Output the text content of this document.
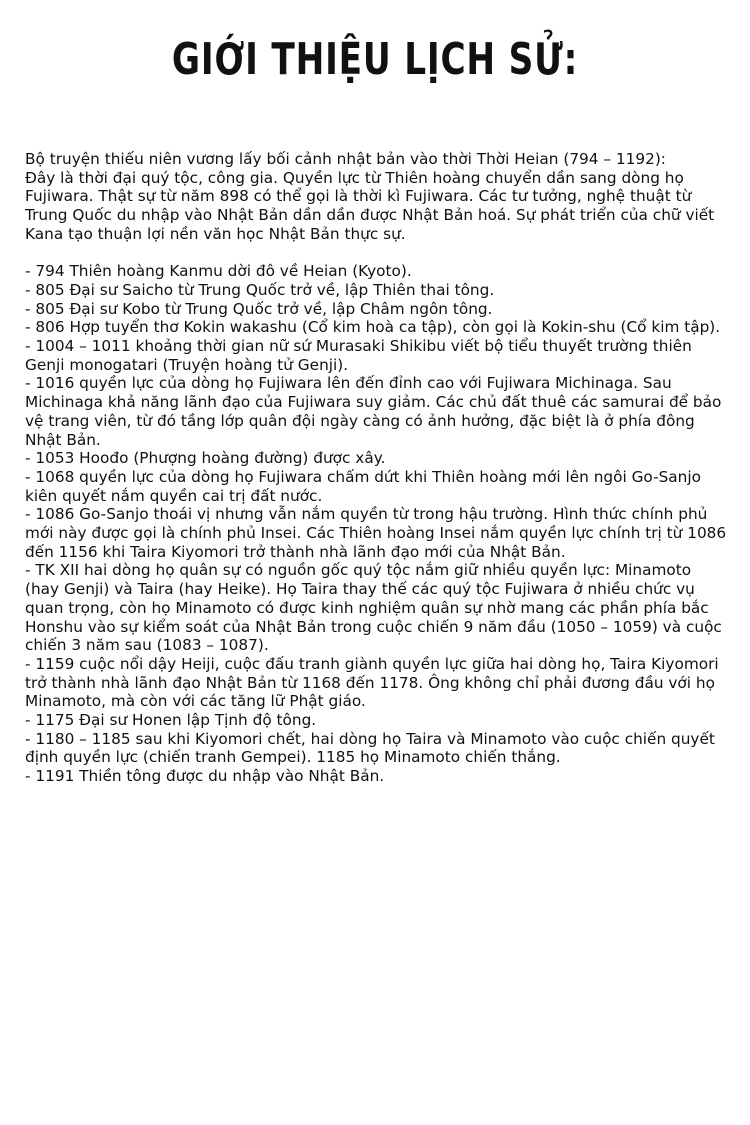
GIỚI THIỆU LỊCH SỬ:

Bộ truyện thiếu niên vương lấy bối cảnh nhật bản vào thời Thời Heian (794 – 1192):

Đây là thời đại quý tộc, công gia. Quyền lực từ Thiên hoàng chuyển dần sang dòng họ Fujiwara. Thật sự từ năm 898 có thể gọi là thời kì Fujiwara. Các tư tưởng, nghệ thuật từ Trung Quốc du nhập vào Nhật Bản dần dần được Nhật Bản hoá. Sự phát triển của chữ viết Kana tạo thuận lợi nền văn học Nhật Bản thực sự.

- 794 Thiên hoàng Kanmu dời đô về Heian (Kyoto).
- 805 Đại sư Saicho từ Trung Quốc trở về, lập Thiên thai tông.
- 805 Đại sư Kobo từ Trung Quốc trở về, lập Châm ngôn tông.
- 806 Hợp tuyển thơ Kokin wakashu (Cổ kim hoà ca tập), còn gọi là Kokin-shu (Cổ kim tập).
- 1004 – 1011 khoảng thời gian nữ sứ Murasaki Shikibu viết bộ tiểu thuyết trường thiên Genji monogatari (Truyện hoàng tử Genji).
- 1016 quyền lực của dòng họ Fujiwara lên đến đỉnh cao với Fujiwara Michinaga. Sau Michinaga khả năng lãnh đạo của Fujiwara suy giảm. Các chủ đất thuê các samurai để bảo vệ trang viên, từ đó tầng lớp quân đội ngày càng có ảnh hưởng, đặc biệt là ở phía đông Nhật Bản.
- 1053 Hoođo (Phượng hoàng đường) được xây.
- 1068 quyền lực của dòng họ Fujiwara chấm dứt khi Thiên hoàng mới lên ngôi Go-Sanjo kiên quyết nắm quyền cai trị đất nước.
- 1086 Go-Sanjo thoái vị nhưng vẫn nắm quyền từ trong hậu trường. Hình thức chính phủ mới này được gọi là chính phủ Insei. Các Thiên hoàng Insei nắm quyền lực chính trị từ 1086 đến 1156 khi Taira Kiyomori trở thành nhà lãnh đạo mới của Nhật Bản.
- TK XII hai dòng họ quân sự có nguồn gốc quý tộc nắm giữ nhiều quyền lực: Minamoto (hay Genji) và Taira (hay Heike). Họ Taira thay thế các quý tộc Fujiwara ở nhiều chức vụ quan trọng, còn họ Minamoto có được kinh nghiệm quân sự nhờ mang các phần phía bắc Honshu vào sự kiểm soát của Nhật Bản trong cuộc chiến 9 năm đầu (1050 – 1059) và cuộc chiến 3 năm sau (1083 – 1087).
- 1159 cuộc nổi dậy Heiji, cuộc đấu tranh giành quyền lực giữa hai dòng họ, Taira Kiyomori trở thành nhà lãnh đạo Nhật Bản từ 1168 đến 1178. Ông không chỉ phải đương đầu với họ Minamoto, mà còn với các tăng lữ Phật giáo.
- 1175 Đại sư Honen lập Tịnh độ tông.
- 1180 – 1185 sau khi Kiyomori chết, hai dòng họ Taira và Minamoto vào cuộc chiến quyết định quyền lực (chiến tranh Gempei). 1185 họ Minamoto chiến thắng.
- 1191 Thiền tông được du nhập vào Nhật Bản.
